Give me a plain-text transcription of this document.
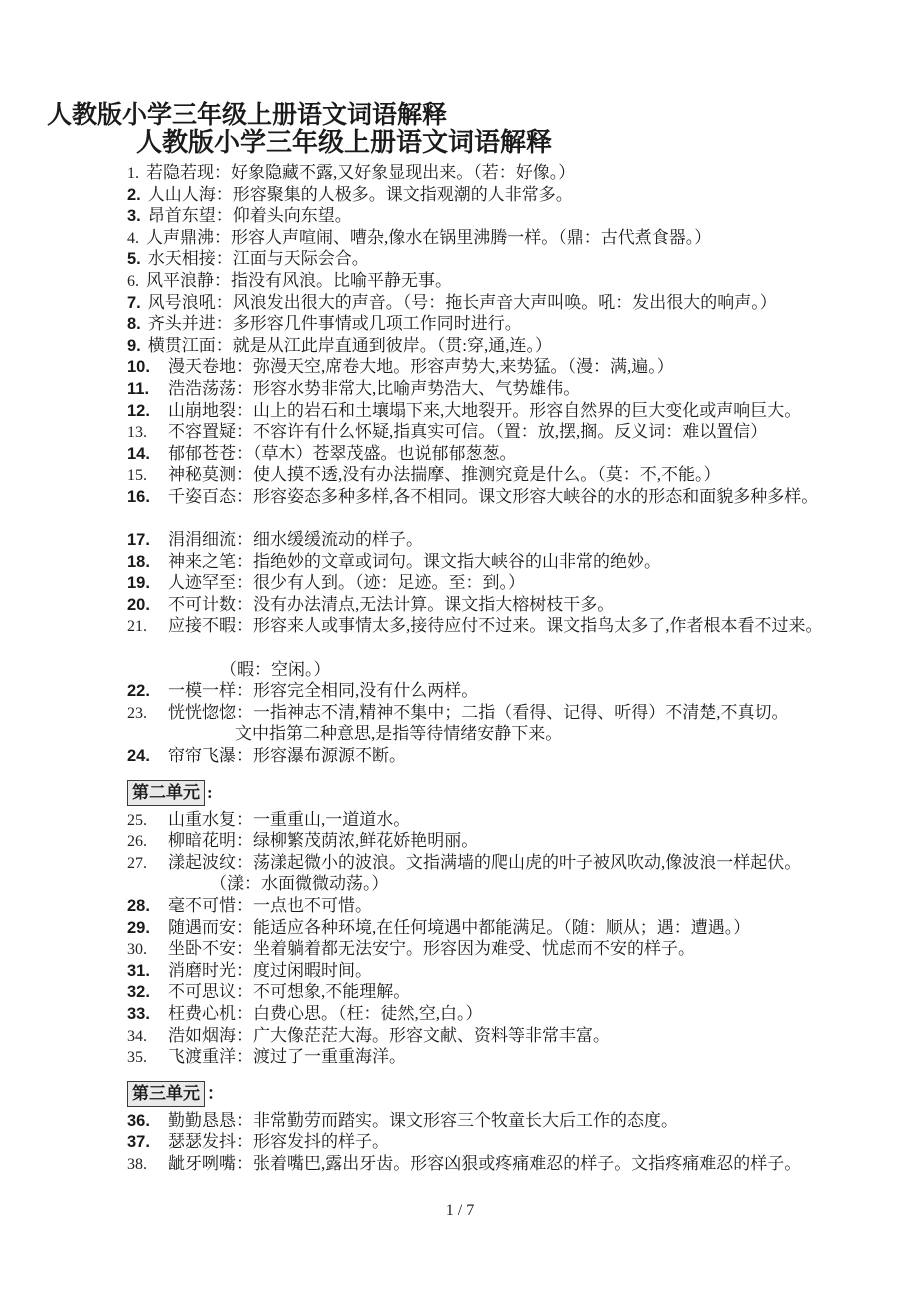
人教版小学三年级上册语文词语解释
人教版小学三年级上册语文词语解释
1. 若隐若现：好象隐藏不露,又好象显现出来。（若：好像。）
2. 人山人海：形容聚集的人极多。课文指观潮的人非常多。
3. 昂首东望：仰着头向东望。
4. 人声鼎沸：形容人声喧闹、嘈杂,像水在锅里沸腾一样。（鼎：古代煮食器。）
5. 水天相接：江面与天际会合。
6. 风平浪静：指没有风浪。比喻平静无事。
7. 风号浪吼：风浪发出很大的声音。（号：拖长声音大声叫唤。吼：发出很大的响声。）
8. 齐头并进：多形容几件事情或几项工作同时进行。
9. 横贯江面：就是从江此岸直通到彼岸。（贯:穿,通,连。）
10. 漫天卷地：弥漫天空,席卷大地。形容声势大,来势猛。（漫：满,遍。）
11. 浩浩荡荡：形容水势非常大,比喻声势浩大、气势雄伟。
12. 山崩地裂：山上的岩石和土壤塌下来,大地裂开。形容自然界的巨大变化或声响巨大。
13. 不容置疑：不容许有什么怀疑,指真实可信。（置：放,摆,搁。反义词：难以置信）
14. 郁郁苍苍：（草木）苍翠茂盛。也说郁郁葱葱。
15. 神秘莫测：使人摸不透,没有办法揣摩、推测究竟是什么。（莫：不,不能。）
16. 千姿百态：形容姿态多种多样,各不相同。课文形容大峡谷的水的形态和面貌多种多样。
17. 涓涓细流：细水缓缓流动的样子。
18. 神来之笔：指绝妙的文章或词句。课文指大峡谷的山非常的绝妙。
19. 人迹罕至：很少有人到。（迹：足迹。至：到。）
20. 不可计数：没有办法清点,无法计算。课文指大榕树枝干多。
21. 应接不暇：形容来人或事情太多,接待应付不过来。课文指鸟太多了,作者根本看不过来。
（暇：空闲。）
22. 一模一样：形容完全相同,没有什么两样。
23. 恍恍惚惚：一指神志不清,精神不集中；二指（看得、记得、听得）不清楚,不真切。
文中指第二种意思,是指等待情绪安静下来。
24. 帘帘飞瀑：形容瀑布源源不断。
第二单元 :
25. 山重水复：一重重山,一道道水。
26. 柳暗花明：绿柳繁茂荫浓,鲜花娇艳明丽。
27. 漾起波纹：荡漾起微小的波浪。文指满墙的爬山虎的叶子被风吹动,像波浪一样起伏。
（漾：水面微微动荡。）
28. 毫不可惜：一点也不可惜。
29. 随遇而安：能适应各种环境,在任何境遇中都能满足。（随：顺从；遇：遭遇。）
30. 坐卧不安：坐着躺着都无法安宁。形容因为难受、忧虑而不安的样子。
31. 消磨时光：度过闲暇时间。
32. 不可思议：不可想象,不能理解。
33. 枉费心机：白费心思。（枉：徒然,空,白。）
34. 浩如烟海：广大像茫茫大海。形容文献、资料等非常丰富。
35. 飞渡重洋：渡过了一重重海洋。
第三单元 ：
36. 勤勤恳恳：非常勤劳而踏实。课文形容三个牧童长大后工作的态度。
37. 瑟瑟发抖：形容发抖的样子。
38. 龇牙咧嘴：张着嘴巴,露出牙齿。形容凶狠或疼痛难忍的样子。文指疼痛难忍的样子。
1 / 7
